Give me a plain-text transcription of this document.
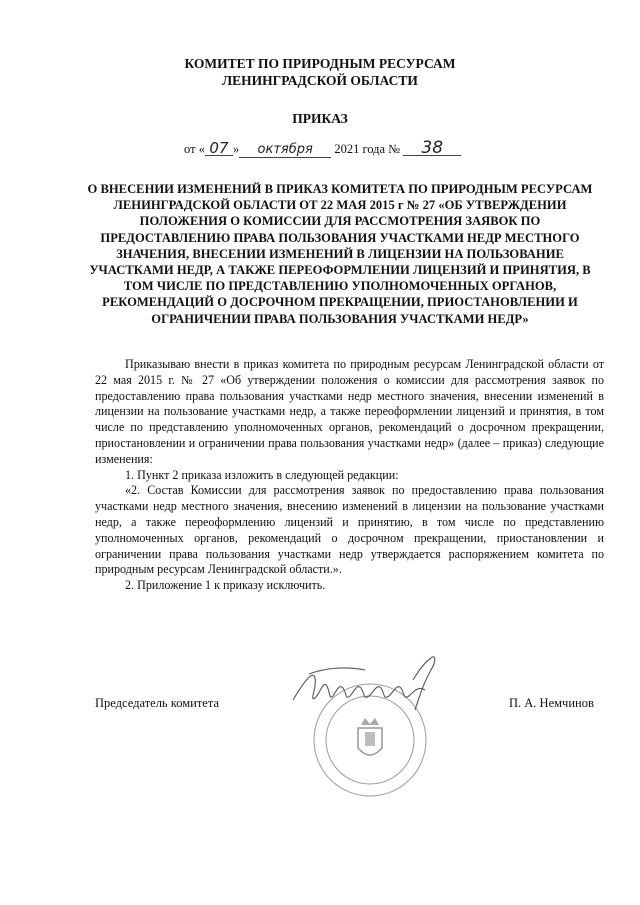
КОМИТЕТ ПО ПРИРОДНЫМ РЕСУРСАМ
ЛЕНИНГРАДСКОЙ ОБЛАСТИ
ПРИКАЗ
от « 07 » октября 2021 года № 38
О ВНЕСЕНИИ ИЗМЕНЕНИЙ В ПРИКАЗ КОМИТЕТА ПО ПРИРОДНЫМ РЕСУРСАМ ЛЕНИНГРАДСКОЙ ОБЛАСТИ ОТ 22 МАЯ 2015 г № 27 «ОБ УТВЕРЖДЕНИИ ПОЛОЖЕНИЯ О КОМИССИИ ДЛЯ РАССМОТРЕНИЯ ЗАЯВОК ПО ПРЕДОСТАВЛЕНИЮ ПРАВА ПОЛЬЗОВАНИЯ УЧАСТКАМИ НЕДР МЕСТНОГО ЗНАЧЕНИЯ, ВНЕСЕНИИ ИЗМЕНЕНИЙ В ЛИЦЕНЗИИ НА ПОЛЬЗОВАНИЕ УЧАСТКАМИ НЕДР, А ТАКЖЕ ПЕРЕОФОРМЛЕНИИ ЛИЦЕНЗИЙ И ПРИНЯТИЯ, В ТОМ ЧИСЛЕ ПО ПРЕДСТАВЛЕНИЮ УПОЛНОМОЧЕННЫХ ОРГАНОВ, РЕКОМЕНДАЦИЙ О ДОСРОЧНОМ ПРЕКРАЩЕНИИ, ПРИОСТАНОВЛЕНИИ И ОГРАНИЧЕНИИ ПРАВА ПОЛЬЗОВАНИЯ УЧАСТКАМИ НЕДР»

Приказываю внести в приказ комитета по природным ресурсам Ленинградской области от 22 мая 2015 г. № 27 «Об утверждении положения о комиссии для рассмотрения заявок по предоставлению права пользования участками недр местного значения, внесении изменений в лицензии на пользование участками недр, а также переоформлении лицензий и принятия, в том числе по представлению уполномоченных органов, рекомендаций о досрочном прекращении, приостановлении и ограничении права пользования участками недр» (далее – приказ) следующие изменения:

1. Пункт 2 приказа изложить в следующей редакции:

«2. Состав Комиссии для рассмотрения заявок по предоставлению права пользования участками недр местного значения, внесению изменений в лицензии на пользование участками недр, а также переоформлению лицензий и принятию, в том числе по представлению уполномоченных органов, рекомендаций о досрочном прекращении, приостановлении и ограничении права пользования участками недр утверждается распоряжением комитета по природным ресурсам Ленинградской области.».

2. Приложение 1 к приказу исключить.

Председатель комитета	П. А. Немчинов
